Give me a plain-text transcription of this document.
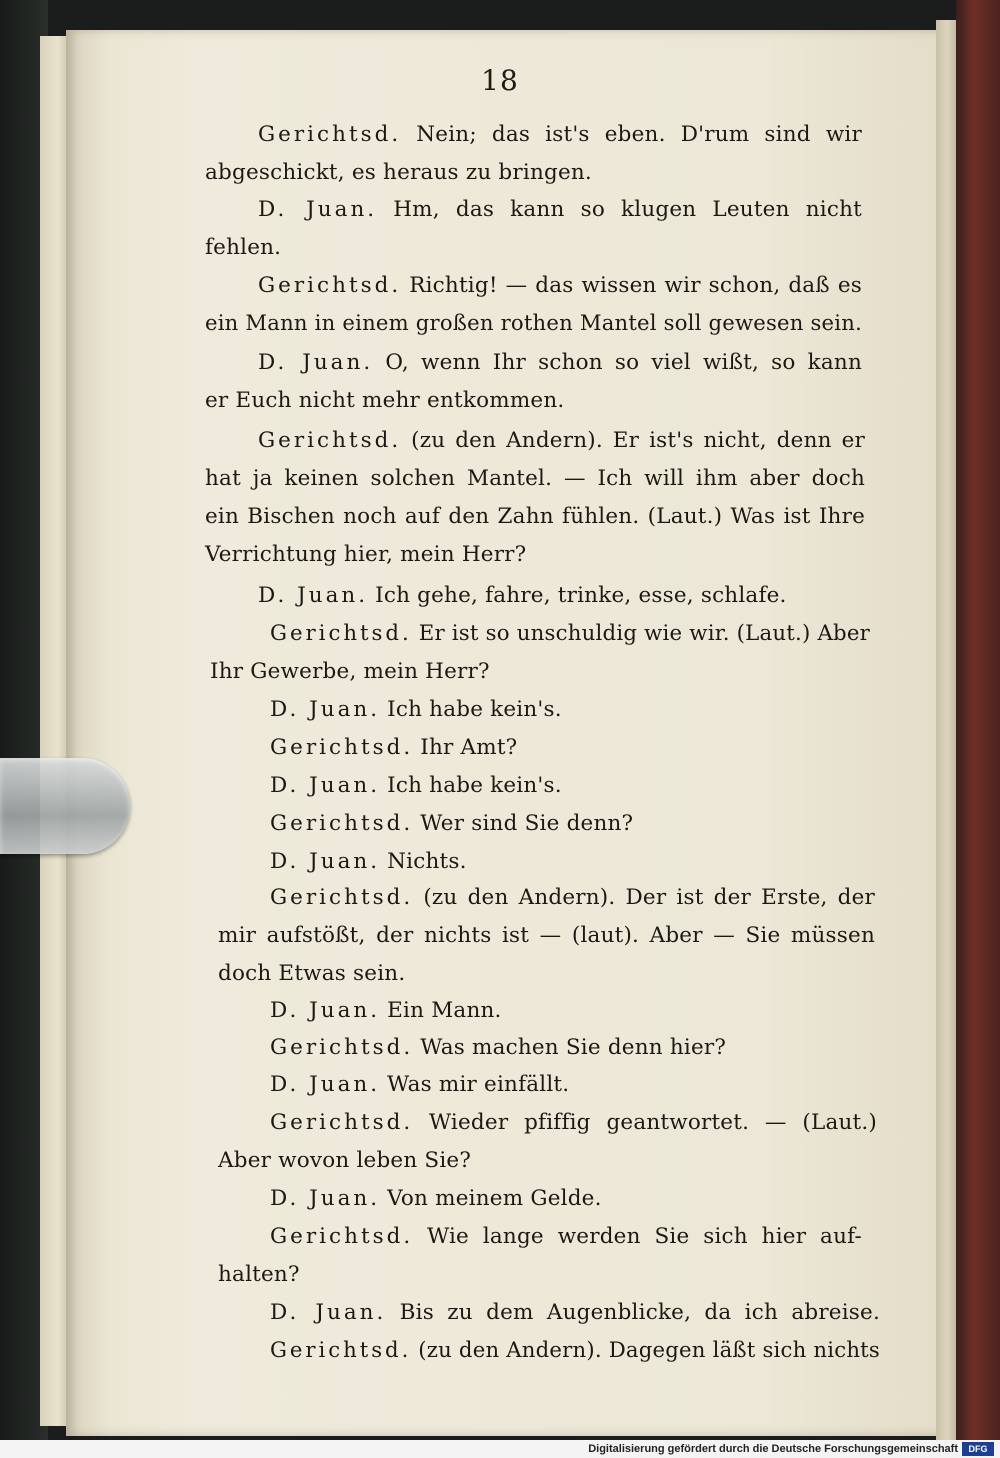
18
Gerichtsd. Nein; das ist's eben. D'rum sind wir
abgeschickt, es heraus zu bringen.
D. Juan. Hm, das kann so klugen Leuten nicht
fehlen.
Gerichtsd. Richtig! — das wissen wir schon, daß es
ein Mann in einem großen rothen Mantel soll gewesen sein.
D. Juan. O, wenn Ihr schon so viel wißt, so kann
er Euch nicht mehr entkommen.
Gerichtsd. (zu den Andern). Er ist's nicht, denn er
hat ja keinen solchen Mantel. — Ich will ihm aber doch
ein Bischen noch auf den Zahn fühlen. (Laut.) Was ist Ihre
Verrichtung hier, mein Herr?
D. Juan. Ich gehe, fahre, trinke, esse, schlafe.
Gerichtsd. Er ist so unschuldig wie wir. (Laut.) Aber
Ihr Gewerbe, mein Herr?
D. Juan. Ich habe kein's.
Gerichtsd. Ihr Amt?
D. Juan. Ich habe kein's.
Gerichtsd. Wer sind Sie denn?
D. Juan. Nichts.
Gerichtsd. (zu den Andern). Der ist der Erste, der
mir aufstößt, der nichts ist — (laut). Aber — Sie müssen
doch Etwas sein.
D. Juan. Ein Mann.
Gerichtsd. Was machen Sie denn hier?
D. Juan. Was mir einfällt.
Gerichtsd. Wieder pfiffig geantwortet. — (Laut.)
Aber wovon leben Sie?
D. Juan. Von meinem Gelde.
Gerichtsd. Wie lange werden Sie sich hier auf-
halten?
D. Juan. Bis zu dem Augenblicke, da ich abreise.
Gerichtsd. (zu den Andern). Dagegen läßt sich nichts
Digitalisierung gefördert durch die Deutsche Forschungsgemeinschaft	DFG
